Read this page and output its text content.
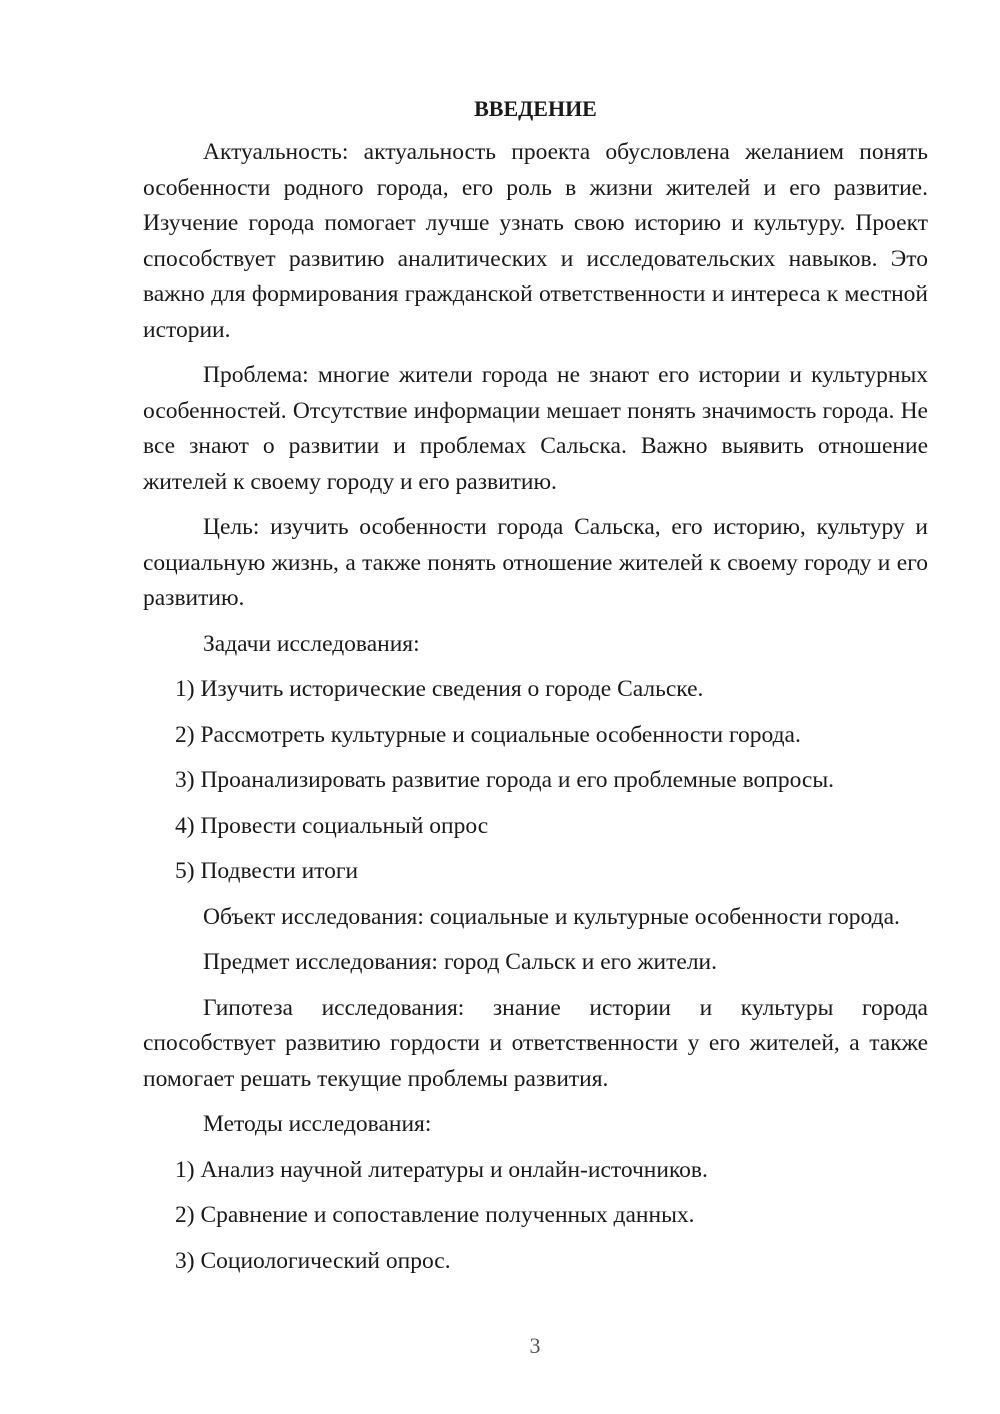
ВВЕДЕНИЕ

Актуальность: актуальность проекта обусловлена желанием понять особенности родного города, его роль в жизни жителей и его развитие. Изучение города помогает лучше узнать свою историю и культуру. Проект способствует развитию аналитических и исследовательских навыков. Это важно для формирования гражданской ответственности и интереса к местной истории.

Проблема: многие жители города не знают его истории и культурных особенностей. Отсутствие информации мешает понять значимость города. Не все знают о развитии и проблемах Сальска. Важно выявить отношение жителей к своему городу и его развитию.

Цель: изучить особенности города Сальска, его историю, культуру и социальную жизнь, а также понять отношение жителей к своему городу и его развитию.

Задачи исследования:
1) Изучить исторические сведения о городе Сальске.
2) Рассмотреть культурные и социальные особенности города.
3) Проанализировать развитие города и его проблемные вопросы.
4) Провести социальный опрос
5) Подвести итоги

Объект исследования: социальные и культурные особенности города.

Предмет исследования: город Сальск и его жители.

Гипотеза исследования: знание истории и культуры города способствует развитию гордости и ответственности у его жителей, а также помогает решать текущие проблемы развития.

Методы исследования:
1) Анализ научной литературы и онлайн-источников.
2) Сравнение и сопоставление полученных данных.
3) Социологический опрос.
3
